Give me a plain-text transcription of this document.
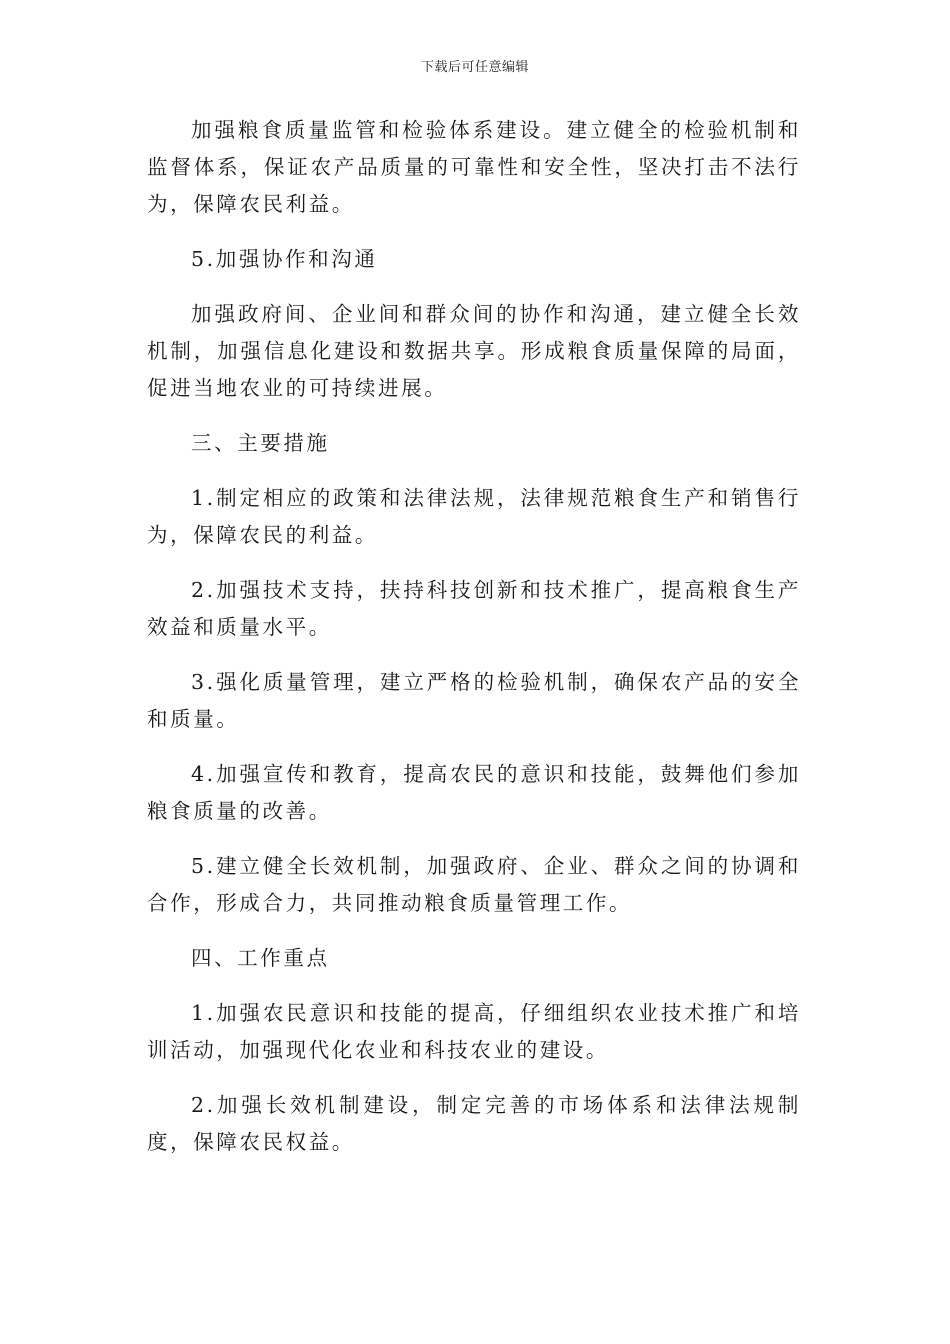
下载后可任意编辑

加强粮食质量监管和检验体系建设。建立健全的检验机制和监督体系，保证农产品质量的可靠性和安全性，坚决打击不法行为，保障农民利益。

5.加强协作和沟通

加强政府间、企业间和群众间的协作和沟通，建立健全长效机制，加强信息化建设和数据共享。形成粮食质量保障的局面，促进当地农业的可持续进展。

三、主要措施

1.制定相应的政策和法律法规，法律规范粮食生产和销售行为，保障农民的利益。

2.加强技术支持，扶持科技创新和技术推广，提高粮食生产效益和质量水平。

3.强化质量管理，建立严格的检验机制，确保农产品的安全和质量。

4.加强宣传和教育，提高农民的意识和技能，鼓舞他们参加粮食质量的改善。

5.建立健全长效机制，加强政府、企业、群众之间的协调和合作，形成合力，共同推动粮食质量管理工作。

四、工作重点

1.加强农民意识和技能的提高，仔细组织农业技术推广和培训活动，加强现代化农业和科技农业的建设。

2.加强长效机制建设，制定完善的市场体系和法律法规制度，保障农民权益。
